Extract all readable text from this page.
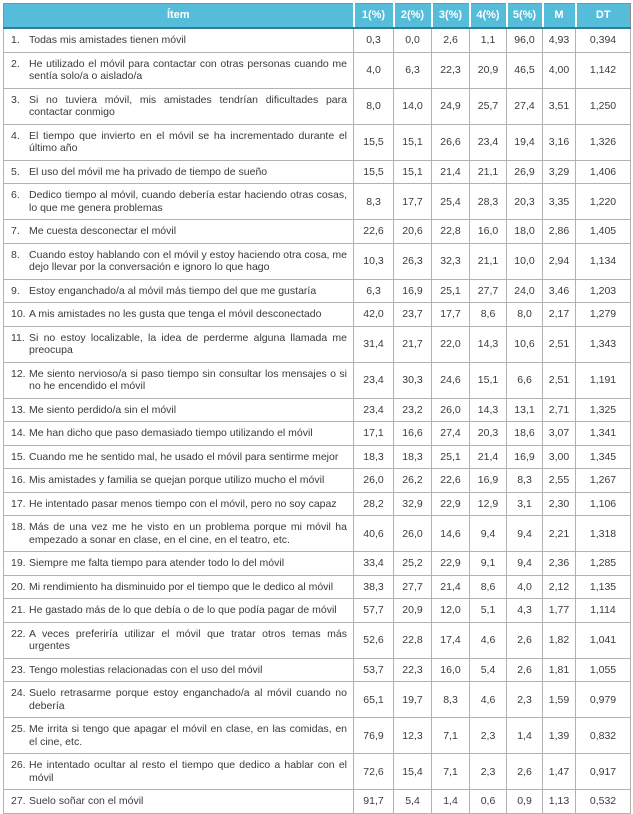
Ítem	1(%)	2(%)	3(%)	4(%)	5(%)	M	DT

1. Todas mis amistades tienen móvil	0,3	0,0	2,6	1,1	96,0	4,93	0,394

2. He utilizado el móvil para contactar con otras personas cuando me sentía solo/a o aislado/a	4,0	6,3	22,3	20,9	46,5	4,00	1,142

3. Si no tuviera móvil, mis amistades tendrían dificultades para contactar conmigo	8,0	14,0	24,9	25,7	27,4	3,51	1,250

4. El tiempo que invierto en el móvil se ha incrementado durante el último año	15,5	15,1	26,6	23,4	19,4	3,16	1,326

5. El uso del móvil me ha privado de tiempo de sueño	15,5	15,1	21,4	21,1	26,9	3,29	1,406

6. Dedico tiempo al móvil, cuando debería estar haciendo otras cosas, lo que me genera problemas	8,3	17,7	25,4	28,3	20,3	3,35	1,220

7. Me cuesta desconectar el móvil	22,6	20,6	22,8	16,0	18,0	2,86	1,405

8. Cuando estoy hablando con el móvil y estoy haciendo otra cosa, me dejo llevar por la conversación e ignoro lo que hago	10,3	26,3	32,3	21,1	10,0	2,94	1,134

9. Estoy enganchado/a al móvil más tiempo del que me gustaría	6,3	16,9	25,1	27,7	24,0	3,46	1,203

10. A mis amistades no les gusta que tenga el móvil desconectado	42,0	23,7	17,7	8,6	8,0	2,17	1,279

11. Si no estoy localizable, la idea de perderme alguna llamada me preocupa	31,4	21,7	22,0	14,3	10,6	2,51	1,343

12. Me siento nervioso/a si paso tiempo sin consultar los mensajes o si no he encendido el móvil	23,4	30,3	24,6	15,1	6,6	2,51	1,191

13. Me siento perdido/a sin el móvil	23,4	23,2	26,0	14,3	13,1	2,71	1,325

14. Me han dicho que paso demasiado tiempo utilizando el móvil	17,1	16,6	27,4	20,3	18,6	3,07	1,341

15. Cuando me he sentido mal, he usado el móvil para sentirme mejor	18,3	18,3	25,1	21,4	16,9	3,00	1,345

16. Mis amistades y familia se quejan porque utilizo mucho el móvil	26,0	26,2	22,6	16,9	8,3	2,55	1,267

17. He intentado pasar menos tiempo con el móvil, pero no soy capaz	28,2	32,9	22,9	12,9	3,1	2,30	1,106

18. Más de una vez me he visto en un problema porque mi móvil ha empezado a sonar en clase, en el cine, en el teatro, etc.	40,6	26,0	14,6	9,4	9,4	2,21	1,318

19. Siempre me falta tiempo para atender todo lo del móvil	33,4	25,2	22,9	9,1	9,4	2,36	1,285

20. Mi rendimiento ha disminuido por el tiempo que le dedico al móvil	38,3	27,7	21,4	8,6	4,0	2,12	1,135

21. He gastado más de lo que debía o de lo que podía pagar de móvil	57,7	20,9	12,0	5,1	4,3	1,77	1,114

22. A veces preferiría utilizar el móvil que tratar otros temas más urgentes	52,6	22,8	17,4	4,6	2,6	1,82	1,041

23. Tengo molestias relacionadas con el uso del móvil	53,7	22,3	16,0	5,4	2,6	1,81	1,055

24. Suelo retrasarme porque estoy enganchado/a al móvil cuando no debería	65,1	19,7	8,3	4,6	2,3	1,59	0,979

25. Me irrita si tengo que apagar el móvil en clase, en las comidas, en el cine, etc.	76,9	12,3	7,1	2,3	1,4	1,39	0,832

26. He intentado ocultar al resto el tiempo que dedico a hablar con el móvil	72,6	15,4	7,1	2,3	2,6	1,47	0,917

27. Suelo soñar con el móvil	91,7	5,4	1,4	0,6	0,9	1,13	0,532
